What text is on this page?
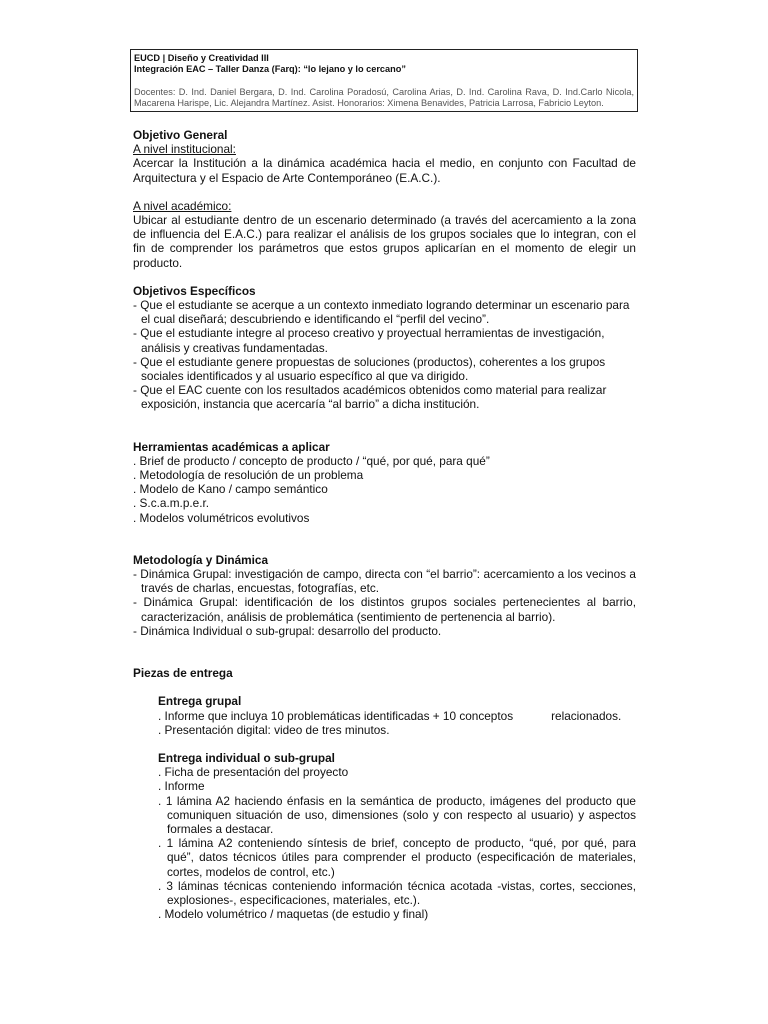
EUCD | Diseño y Creatividad III
Integración EAC – Taller Danza (Farq): “lo lejano y lo cercano”
Docentes: D. Ind. Daniel Bergara, D. Ind. Carolina Poradosú, Carolina Arias, D. Ind. Carolina Rava, D. Ind.Carlo Nicola, Macarena Harispe, Lic. Alejandra Martínez. Asist. Honorarios: Ximena Benavides, Patricia Larrosa, Fabricio Leyton.

Objetivo General

A nivel institucional:

Acercar la Institución a la dinámica académica hacia el medio, en conjunto con Facultad de Arquitectura y el Espacio de Arte Contemporáneo (E.A.C.).

A nivel académico:

Ubicar al estudiante dentro de un escenario determinado (a través del acercamiento a la zona de influencia del E.A.C.) para realizar el análisis de los grupos sociales que lo integran, con el fin de comprender los parámetros que estos grupos aplicarían en el momento de elegir un producto.

Objetivos Específicos

- Que el estudiante se acerque a un contexto inmediato logrando determinar un escenario para el cual diseñará; descubriendo e identificando el “perfil del vecino”.

- Que el estudiante integre al proceso creativo y proyectual herramientas de investigación, análisis y creativas fundamentadas.

- Que el estudiante genere propuestas de soluciones (productos), coherentes a los grupos sociales identificados y al usuario específico al que va dirigido.

- Que el EAC cuente con los resultados académicos obtenidos como material para realizar exposición, instancia que acercaría “al barrio” a dicha institución.

Herramientas académicas a aplicar

. Brief de producto / concepto de producto / “qué, por qué, para qué”

. Metodología de resolución de un problema

. Modelo de Kano / campo semántico

. S.c.a.m.p.e.r.

. Modelos volumétricos evolutivos

Metodología y Dinámica

- Dinámica Grupal: investigación de campo, directa con “el barrio”: acercamiento a los vecinos a través de charlas, encuestas, fotografías, etc.

- Dinámica Grupal: identificación de los distintos grupos sociales pertenecientes al barrio, caracterización, análisis de problemática (sentimiento de pertenencia al barrio).

- Dinámica Individual o sub-grupal: desarrollo del producto.

Piezas de entrega

Entrega grupal

. Informe que incluya 10 problemáticas identificadas + 10 conceptos	relacionados.

. Presentación digital: video de tres minutos.

Entrega individual o sub-grupal

. Ficha de presentación del proyecto

. Informe

. 1 lámina A2 haciendo énfasis en la semántica de producto, imágenes del producto que comuniquen situación de uso, dimensiones (solo y con respecto al usuario) y aspectos formales a destacar.

. 1 lámina A2 conteniendo síntesis de brief, concepto de producto, “qué, por qué, para qué”, datos técnicos útiles para comprender el producto (especificación de materiales, cortes, modelos de control, etc.)

. 3 láminas técnicas conteniendo información técnica acotada -vistas, cortes, secciones, explosiones-, especificaciones, materiales, etc.).

. Modelo volumétrico / maquetas (de estudio y final)
